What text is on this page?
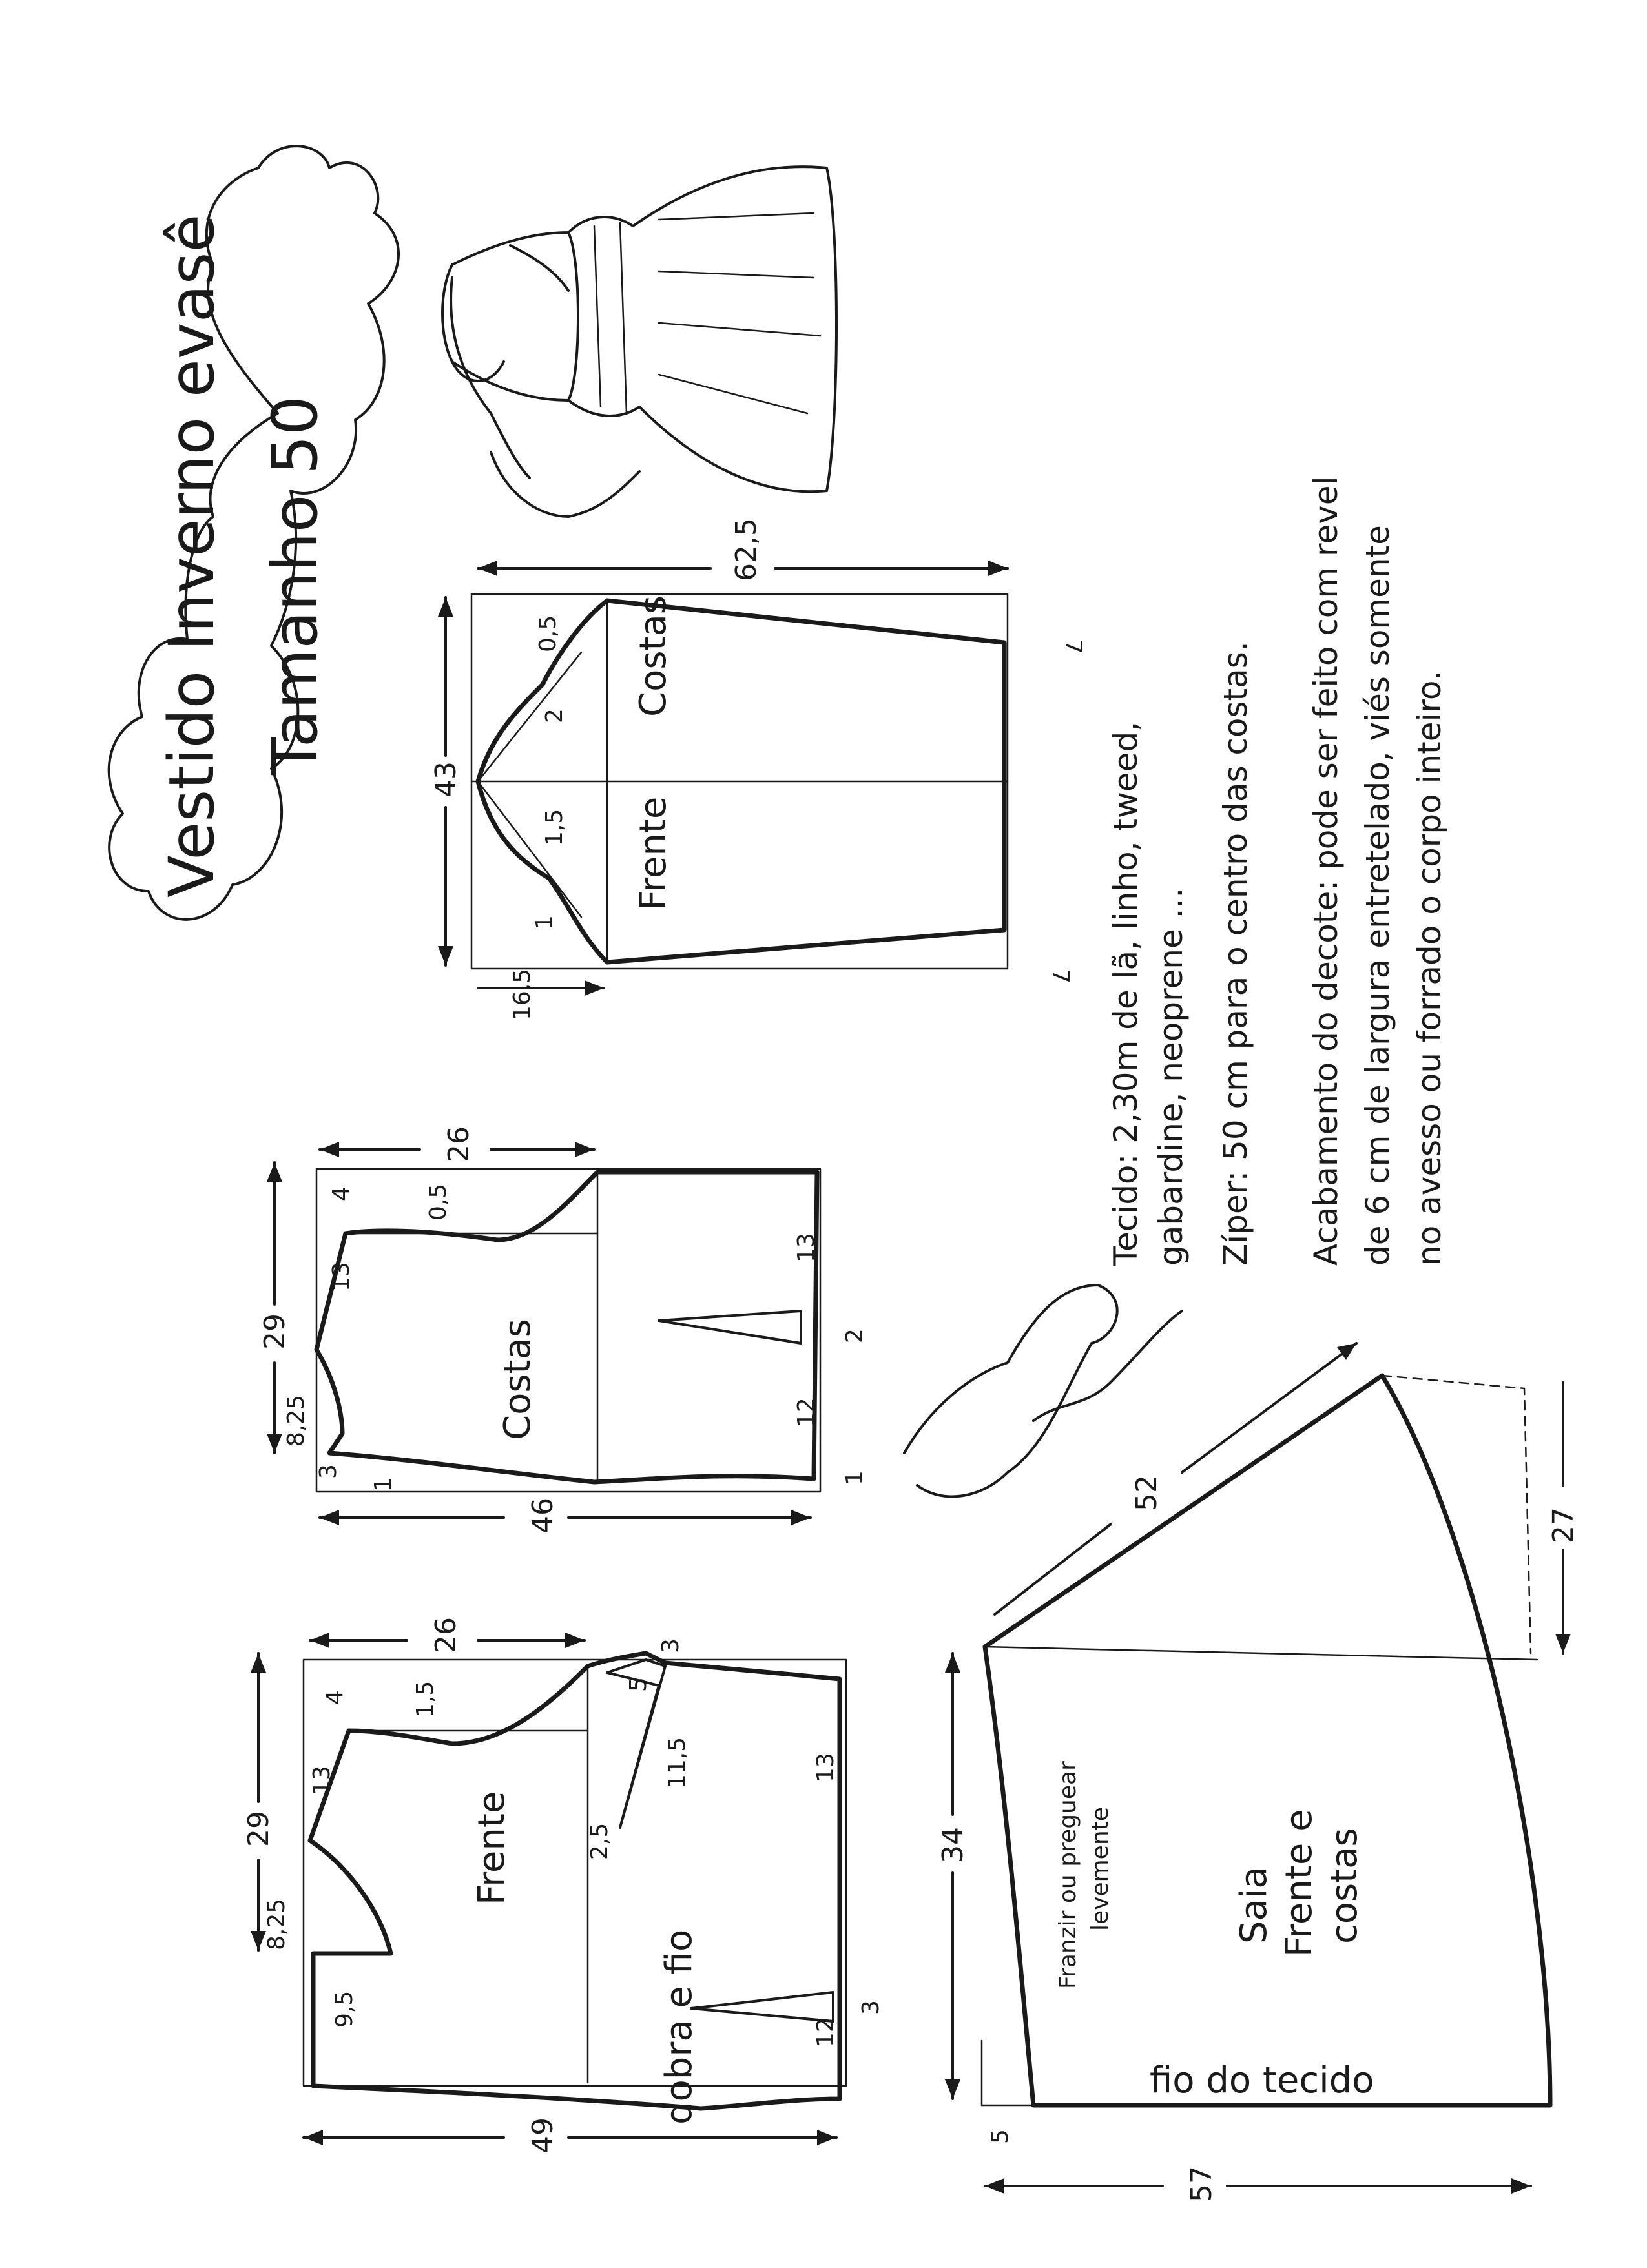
Vestido Inverno evasê Tamanho 50	Costas
Frente
62,5
43
0,5
2
1,5
1
16,5
7
7
Costas
26
29
46
4	0,5
13
8,25
3
1
13
12
2
1
Frente
dobra e fio
26
29
49
4	1,5
13
8,25
9,5
5
11,5
3
2,5
13
12
3
Saia Frente e costas
Franzir ou preguear levemente
fio do tecido
52
27
34
57
5
Tecido: 2,30m de lã, linho, tweed, gabardine, neoprene ... Zíper: 50 cm para o centro das costas. Acabamento do decote: pode ser feito com revel de 6 cm de largura entretelado, viés somente no avesso ou forrado o corpo inteiro.
